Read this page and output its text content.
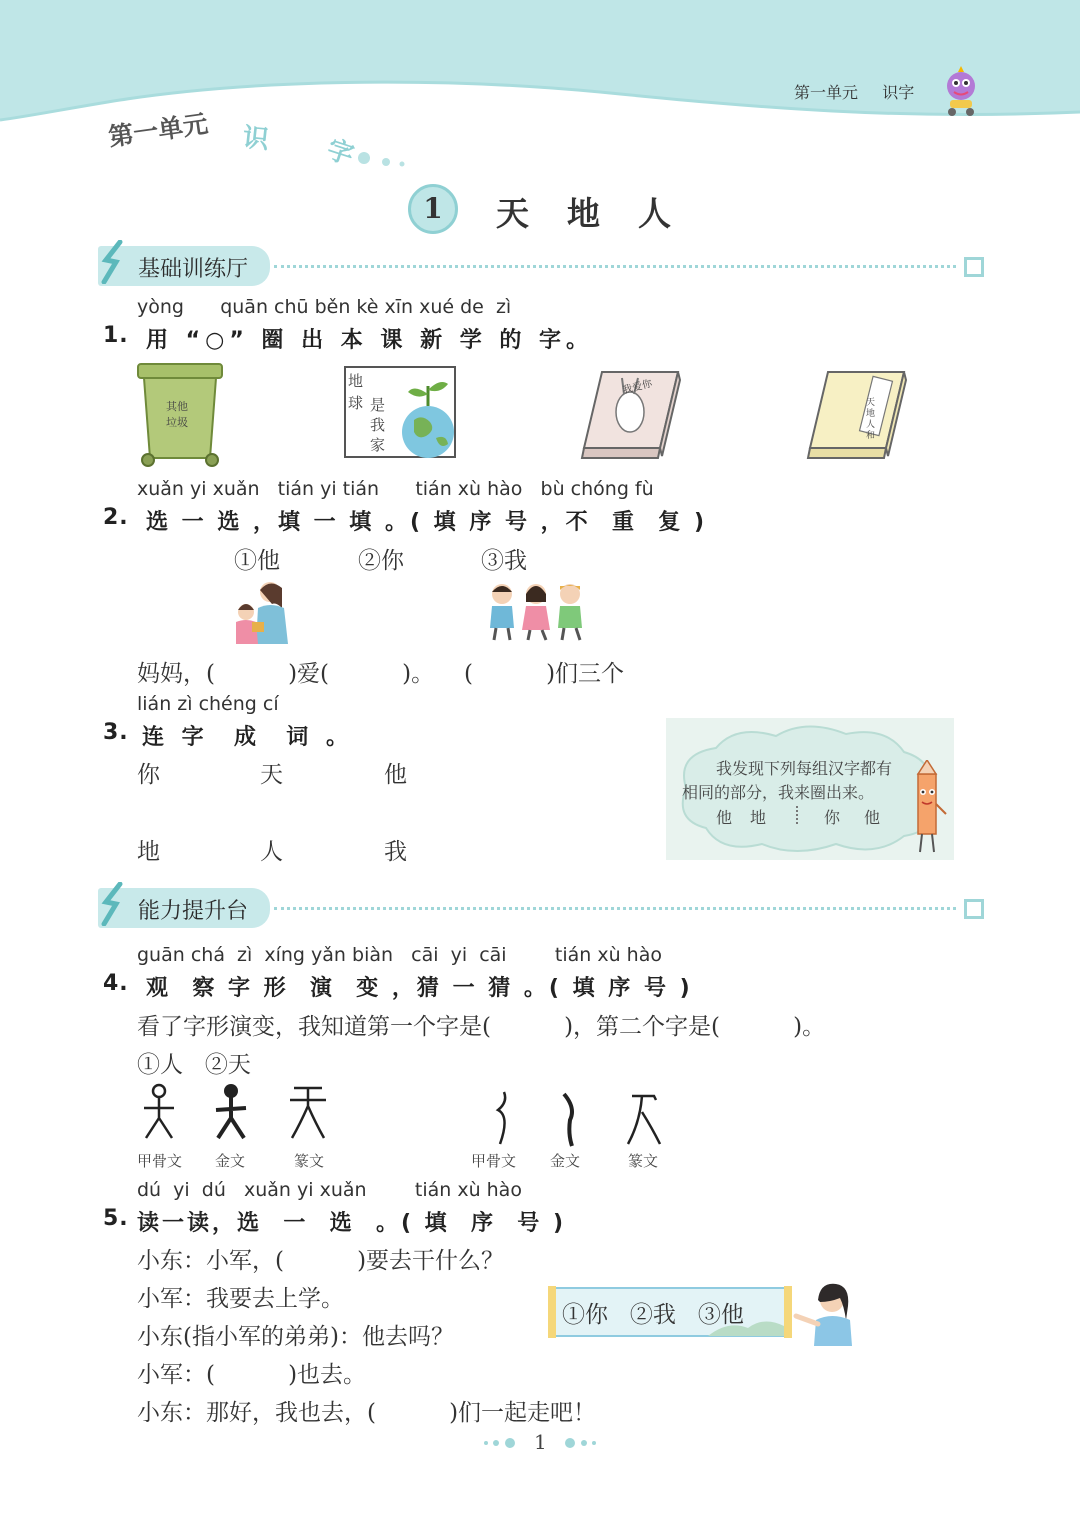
第一单元 识字
第一单元 识 字
1	天 地 人
基础训练厅
yòng      quān chū běn kè xīn xué de  zì
1. 用 “○” 圈 出 本 课 新 学 的 字。
其他
垃圾
地
球 是
我
家
我爱你
天地人和
xuǎn yi xuǎn   tián yi tián      tián xù hào   bù chóng fù
2. 选 一 选 ，填 一 填 。( 填 序 号 ，不  重  复 )
①他	②你	③我
妈妈，(          )爱(          )。 (          )们三个
lián zì chéng cí
3. 连 字  成  词 。
你	天	他
地	人	我
我发现下列每组汉字都有
相同的部分，我来圈出来。
他 地	你 他
能力提升台
guān chá  zì  xíng yǎn biàn   cāi  yi  cāi        tián xù hào
4. 观  察 字 形  演  变 ，猜 一 猜 。( 填 序 号 )
看了字形演变，我知道第一个字是(          )，第二个字是(          )。
①人   ②天
甲骨文 金文	篆文	甲骨文 金文	篆文
dú  yi  dú   xuǎn yi xuǎn        tián xù hào
5. 读一读，选  一  选  。( 填  序  号 )
小东：小军，(          )要去干什么？
小军：我要去上学。
小东(指小军的弟弟)：他去吗？
小军：(          )也去。
小东：那好，我也去，(          )们一起走吧！
①你   ②我   ③他
1
